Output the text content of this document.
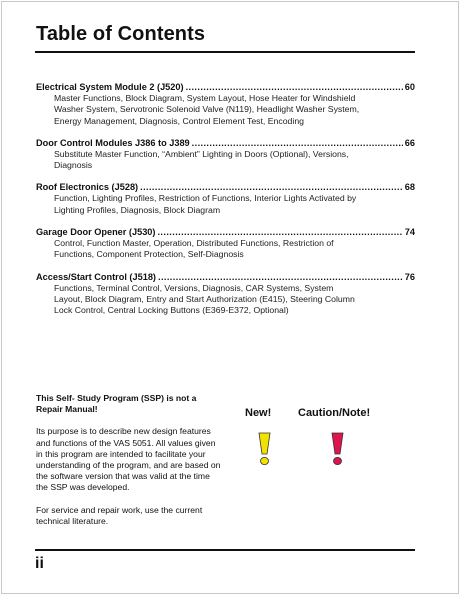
Table of Contents
Electrical System Module 2 (J520) .....	60
Master Functions, Block Diagram, System Layout, Hose Heater for Windshield Washer System, Servotronic Solenoid Valve (N119), Headlight Washer System, Energy Management, Diagnosis, Control Element Test, Encoding
Door Control Modules J386 to J389 .....	66
Substitute Master Function, “Ambient” Lighting in Doors (Optional), Versions, Diagnosis
Roof Electronics (J528) .....	68
Function, Lighting Profiles, Restriction of Functions, Interior Lights Activated by Lighting Profiles, Diagnosis, Block Diagram
Garage Door Opener (J530) .....	74
Control, Function Master, Operation, Distributed Functions, Restriction of Functions, Component Protection, Self-Diagnosis
Access/Start Control (J518) .....	76
Functions, Terminal Control, Versions, Diagnosis, CAR Systems, System Layout, Block Diagram, Entry and Start Authorization (E415), Steering Column Lock Control, Central Locking Buttons (E369-E372, Optional)

This Self- Study Program (SSP) is not a Repair Manual!

Its purpose is to describe new design features and functions of the VAS 5051. All values given in this program are intended to facilitate your understanding of the program, and are based on the software version that was valid at the time the SSP was developed.

For service and repair work, use the current technical literature.

New! Caution/Note!
ii
